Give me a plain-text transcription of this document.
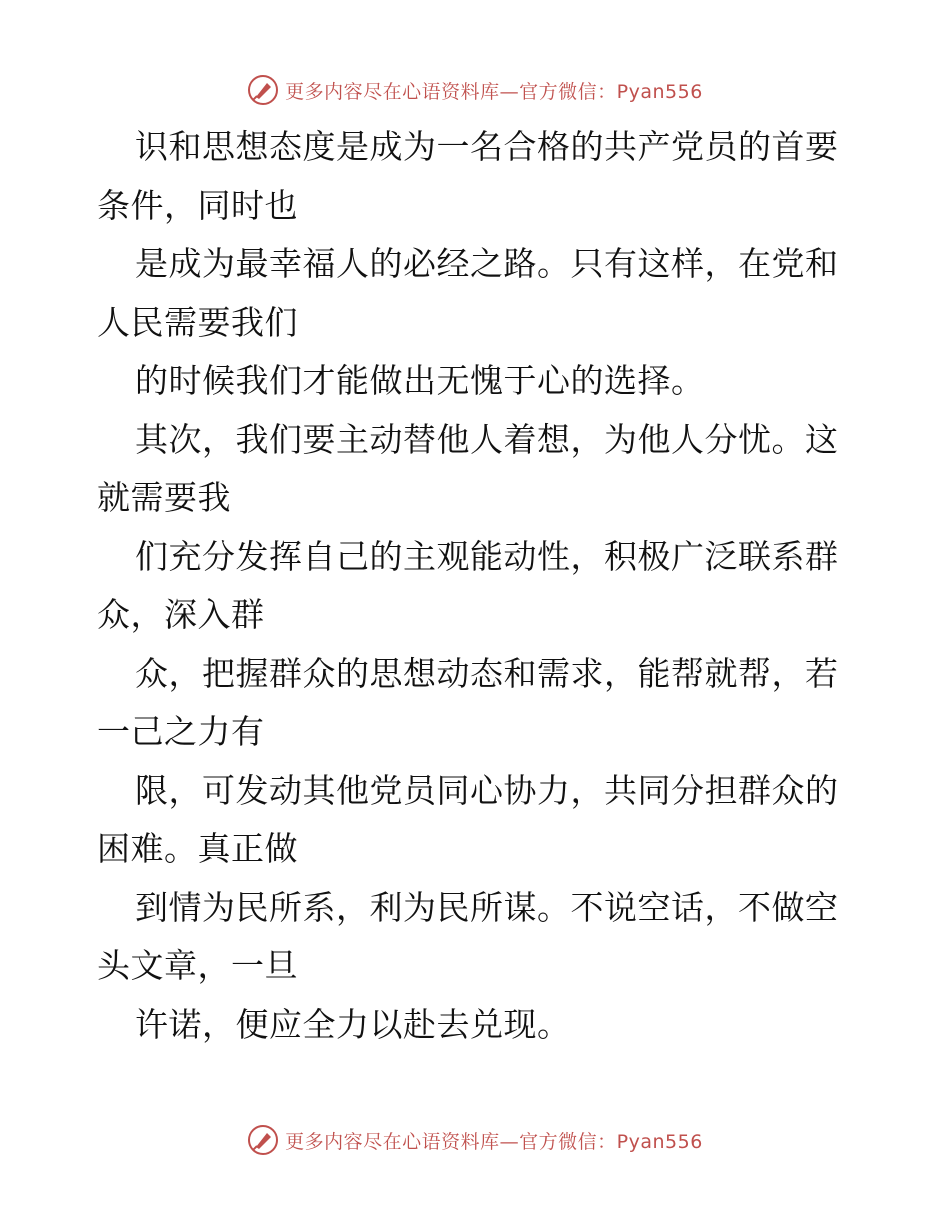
更多内容尽在心语资料库—官方微信：Pyan556
识和思想态度是成为一名合格的共产党员的首要
条件，同时也
是成为最幸福人的必经之路。只有这样，在党和
人民需要我们
的时候我们才能做出无愧于心的选择。
其次，我们要主动替他人着想，为他人分忧。这
就需要我
们充分发挥自己的主观能动性，积极广泛联系群
众，深入群
众，把握群众的思想动态和需求，能帮就帮，若
一己之力有
限，可发动其他党员同心协力，共同分担群众的
困难。真正做
到情为民所系，利为民所谋。不说空话，不做空
头文章，一旦
许诺，便应全力以赴去兑现。
更多内容尽在心语资料库—官方微信：Pyan556
